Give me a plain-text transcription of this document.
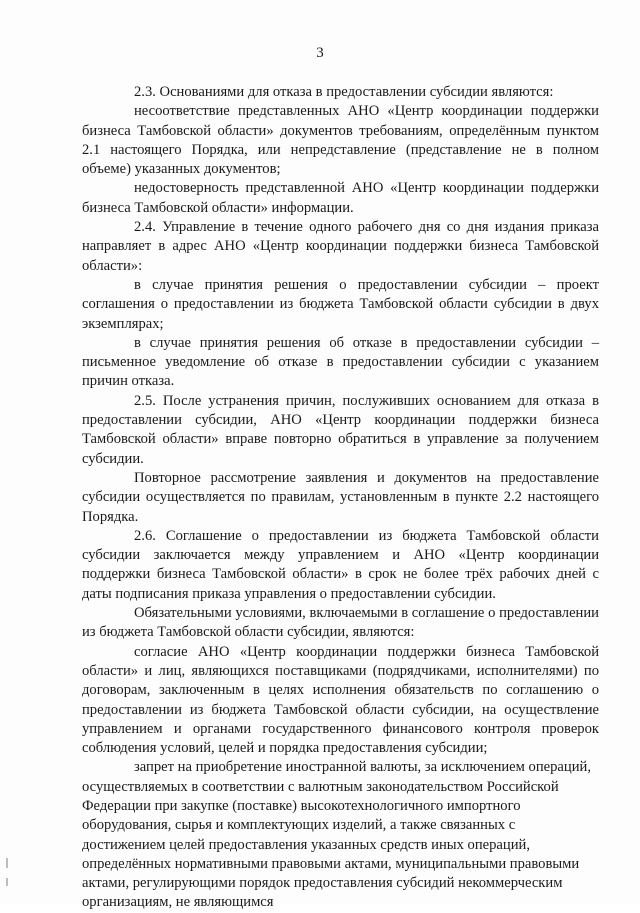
3

2.3. Основаниями для отказа в предоставлении субсидии являются:

несоответствие представленных АНО «Центр координации поддержки бизнеса Тамбовской области» документов требованиям, определённым пунктом 2.1 настоящего Порядка, или непредставление (представление не в полном объеме) указанных документов;

недостоверность представленной АНО «Центр координации поддержки бизнеса Тамбовской области» информации.

2.4. Управление в течение одного рабочего дня со дня издания приказа направляет в адрес АНО «Центр координации поддержки бизнеса Тамбовской области»:

в случае принятия решения о предоставлении субсидии – проект соглашения о предоставлении из бюджета Тамбовской области субсидии в двух экземплярах;

в случае принятия решения об отказе в предоставлении субсидии – письменное уведомление об отказе в предоставлении субсидии с указанием причин отказа.

2.5. После устранения причин, послуживших основанием для отказа в предоставлении субсидии, АНО «Центр координации поддержки бизнеса Тамбовской области» вправе повторно обратиться в управление за получением субсидии.

Повторное рассмотрение заявления и документов на предоставление субсидии осуществляется по правилам, установленным в пункте 2.2 настоящего Порядка.

2.6. Соглашение о предоставлении из бюджета Тамбовской области субсидии заключается между управлением и АНО «Центр координации поддержки бизнеса Тамбовской области» в срок не более трёх рабочих дней с даты подписания приказа управления о предоставлении субсидии.

Обязательными условиями, включаемыми в соглашение о предоставлении из бюджета Тамбовской области субсидии, являются:

согласие АНО «Центр координации поддержки бизнеса Тамбовской области» и лиц, являющихся поставщиками (подрядчиками, исполнителями) по договорам, заключенным в целях исполнения обязательств по соглашению о предоставлении из бюджета Тамбовской области субсидии, на осуществление управлением и органами государственного финансового контроля проверок соблюдения условий, целей и порядка предоставления субсидии;

запрет на приобретение иностранной валюты, за исключением операций, осуществляемых в соответствии с валютным законодательством Российской Федерации при закупке (поставке) высокотехнологичного импортного оборудования, сырья и комплектующих изделий, а также связанных с достижением целей предоставления указанных средств иных операций, определённых нормативными правовыми актами, муниципальными правовыми актами, регулирующими порядок предоставления субсидий некоммерческим организациям, не являющимся
